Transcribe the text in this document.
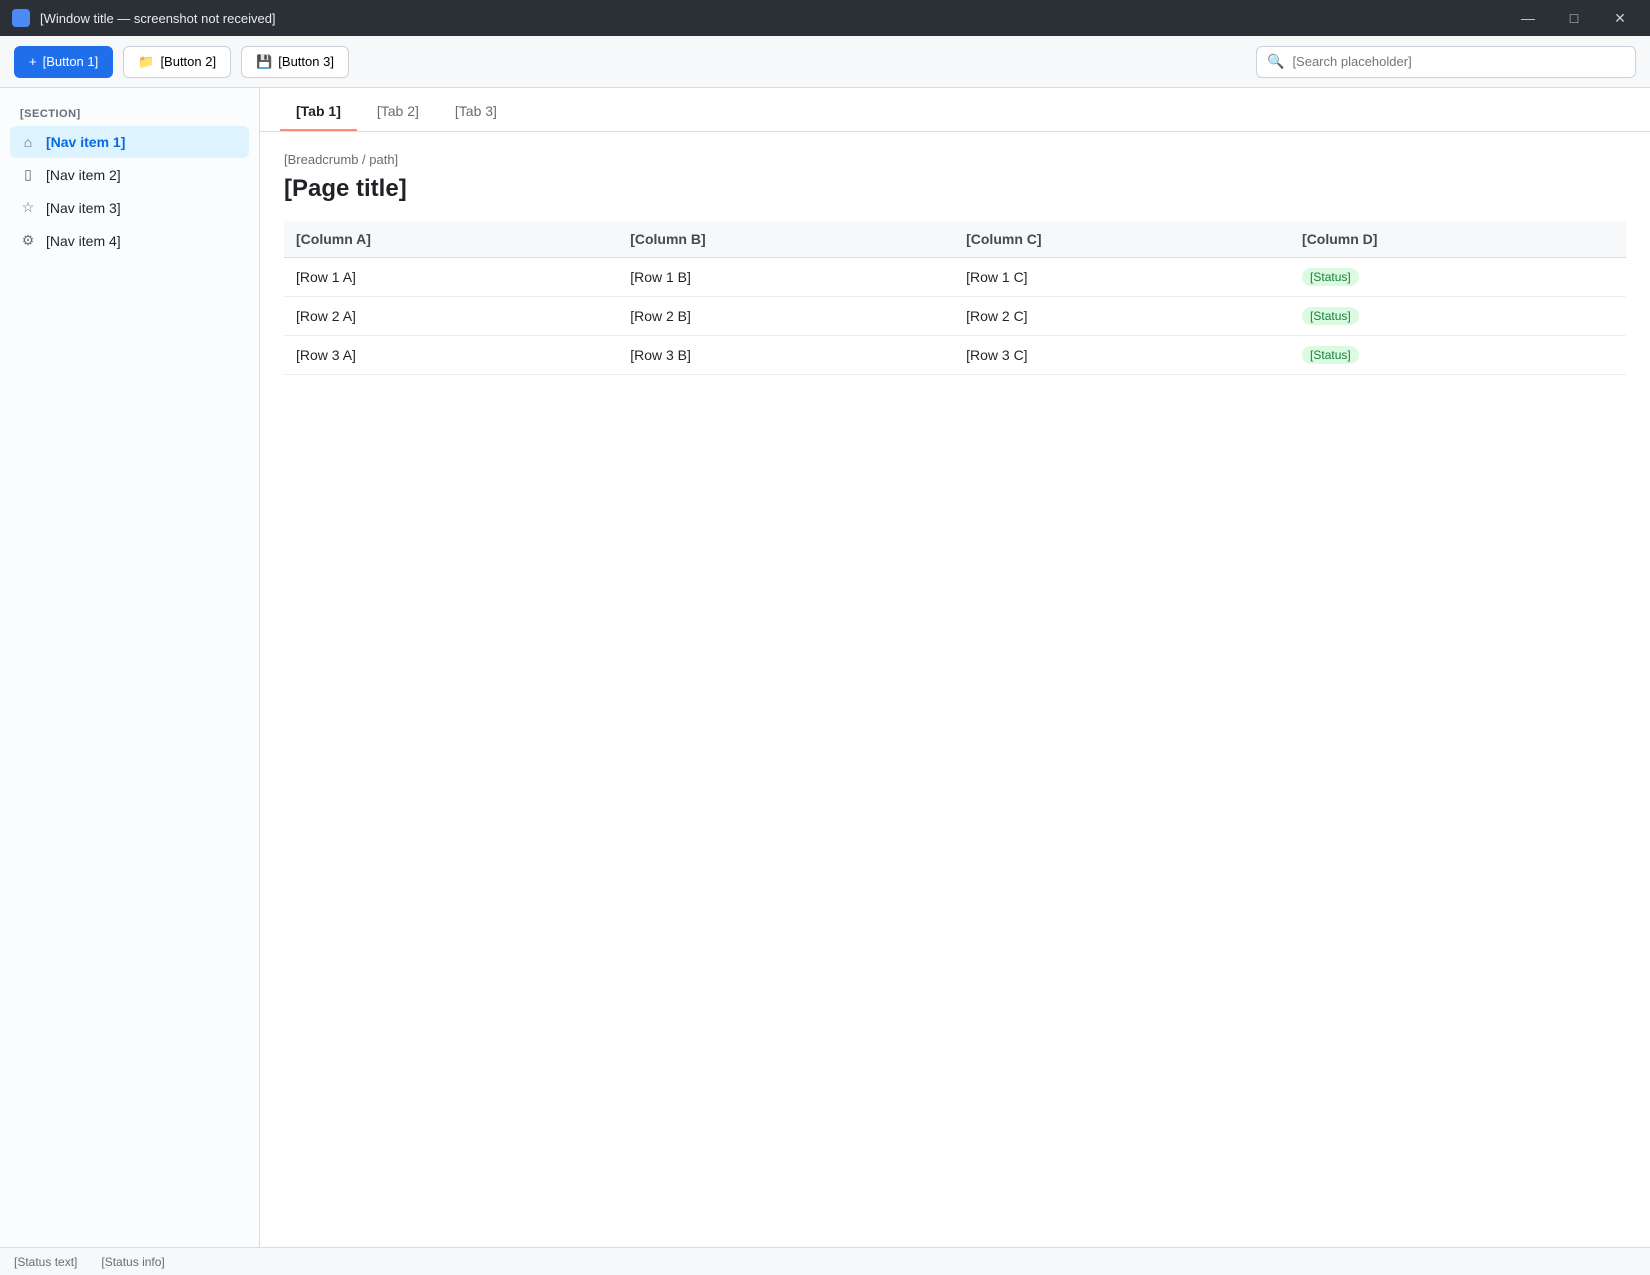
[Window title — screenshot not received]	— □	✕
+ [Button 1]	📁 [Button 2]	💾 [Button 3]	🔍
[Search placeholder]
[SECTION]
⌂ [Nav item 1]
▯ [Nav item 2]
☆ [Nav item 3]
⚙ [Nav item 4]
[Tab 1]	[Tab 2]	[Tab 3]
[Breadcrumb / path]
[Page title]
[Column A]	[Column B]	[Column C]	[Column D]
[Row 1 A]	[Row 1 B]	[Row 1 C]	[Status]
[Row 2 A]	[Row 2 B]	[Row 2 C]	[Status]
[Row 3 A]	[Row 3 B]	[Row 3 C]	[Status]
[Status text] [Status info]
